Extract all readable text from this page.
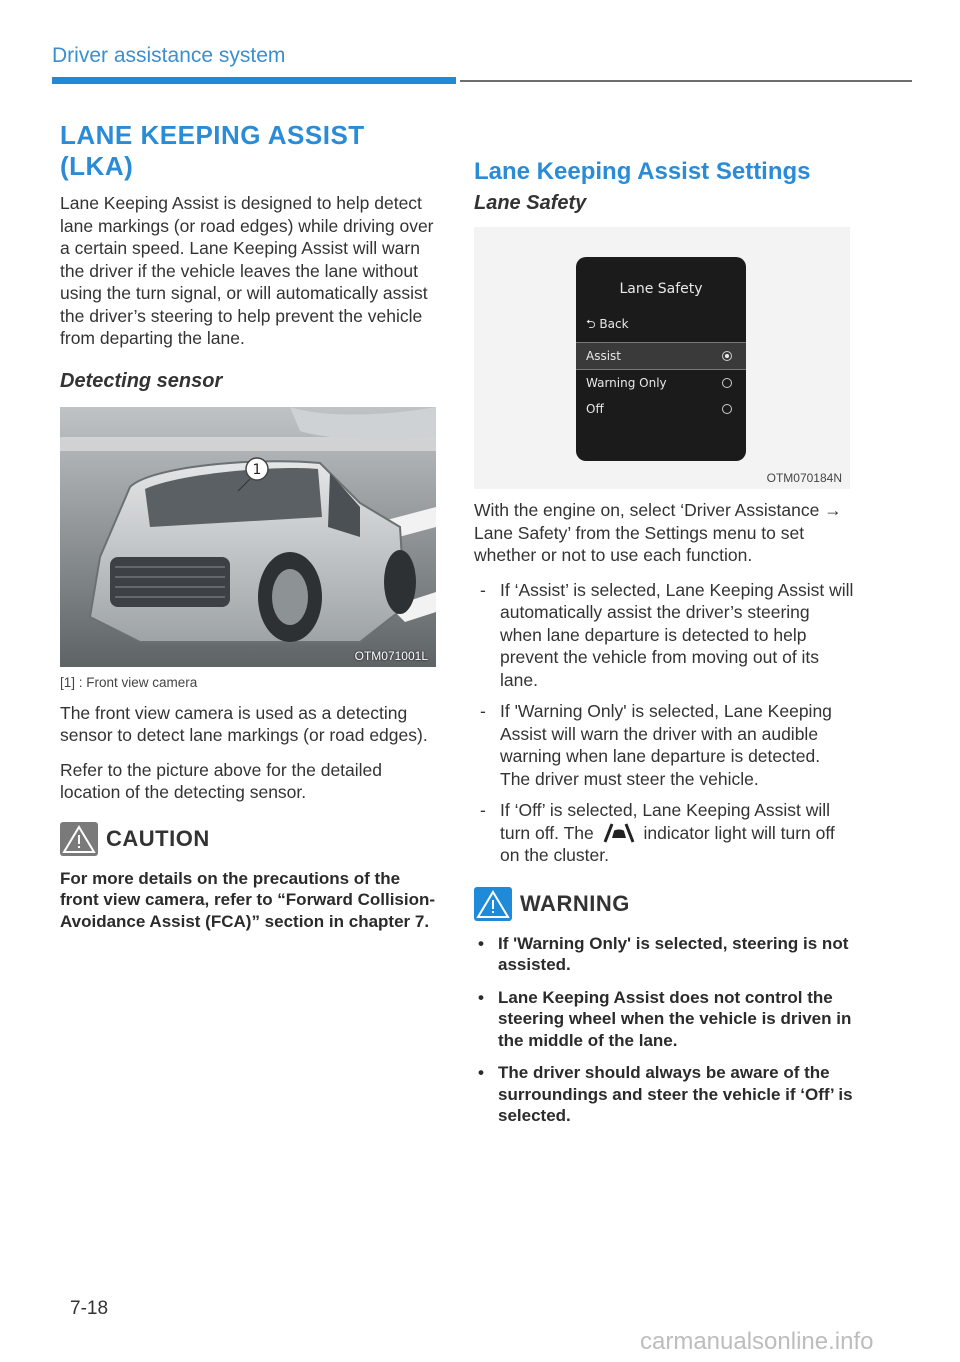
Driver assistance system
LANE KEEPING ASSIST (LKA)

Lane Keeping Assist is designed to help detect lane markings (or road edges) while driving over a certain speed. Lane Keeping Assist will warn the driver if the vehicle leaves the lane without using the turn signal, or will automatically assist the driver’s steering to help prevent the vehicle from departing the lane.

Detecting sensor
1
OTM071001L
[1] : Front view camera

The front view camera is used as a detecting sensor to detect lane markings (or road edges).

Refer to the picture above for the detailed location of the detecting sensor.

CAUTION

For more details on the precautions of the front view camera, refer to “Forward Collision-Avoidance Assist (FCA)” section in chapter 7.

Lane Keeping Assist Settings
Lane Safety
Lane Safety
⮌ Back
Assist
Warning Only
Off
OTM070184N

With the engine on, select ‘Driver Assistance → Lane Safety’ from the Settings menu to set whether or not to use each function.

- If ‘Assist’ is selected, Lane Keeping Assist will automatically assist the driver’s steering when lane departure is detected to help prevent the vehicle from moving out of its lane.
- If 'Warning Only' is selected, Lane Keeping Assist will warn the driver with an audible warning when lane departure is detected. The driver must steer the vehicle.
- If ‘Off’ is selected, Lane Keeping Assist will turn off. The	indicator light will turn off on the cluster.
WARNING
• If 'Warning Only' is selected, steering is not assisted.
• Lane Keeping Assist does not control the steering wheel when the vehicle is driven in the middle of the lane.
• The driver should always be aware of the surroundings and steer the vehicle if ‘Off’ is selected.
7-18
carmanualsonline.info
